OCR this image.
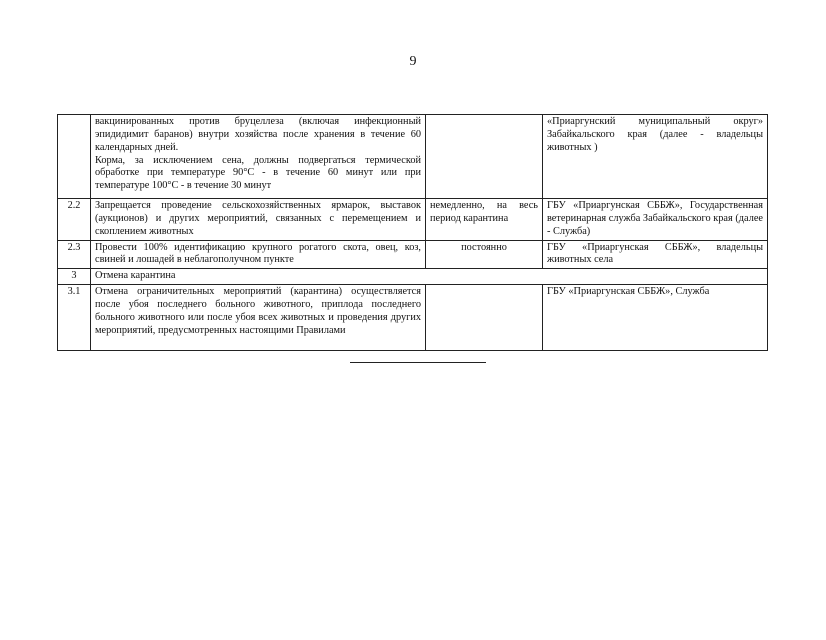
9

	вакцинированных против бруцеллеза (включая инфекционный эпидидимит баранов) внутри хозяйства после хранения в течение 60 календарных дней.

Корма, за исключением сена, должны подвергаться термической обработке при температуре 90°С - в течение 60 минут или при температуре 100°С - в течение 30 минут		«Приаргунский муниципальный округ» Забайкальского края (далее - владельцы животных )
2.2	Запрещается проведение сельскохозяйственных ярмарок, выставок (аукционов) и других мероприятий, связанных с перемещением и скоплением животных	немедленно, на весь период карантина	ГБУ «Приаргунская СББЖ», Государственная ветеринарная служба Забайкальского края (далее - Служба)
2.3	Провести 100% идентификацию крупного рогатого скота, овец, коз, свиней и лошадей в неблагополучном пункте	постоянно	ГБУ «Приаргунская СББЖ», владельцы животных села
3	Отмена карантина		
3.1	Отмена ограничительных мероприятий (карантина) осуществляется после убоя последнего больного животного, приплода последнего больного животного или после убоя всех животных и проведения других мероприятий, предусмотренных настоящими Правилами		ГБУ «Приаргунская СББЖ», Служба
